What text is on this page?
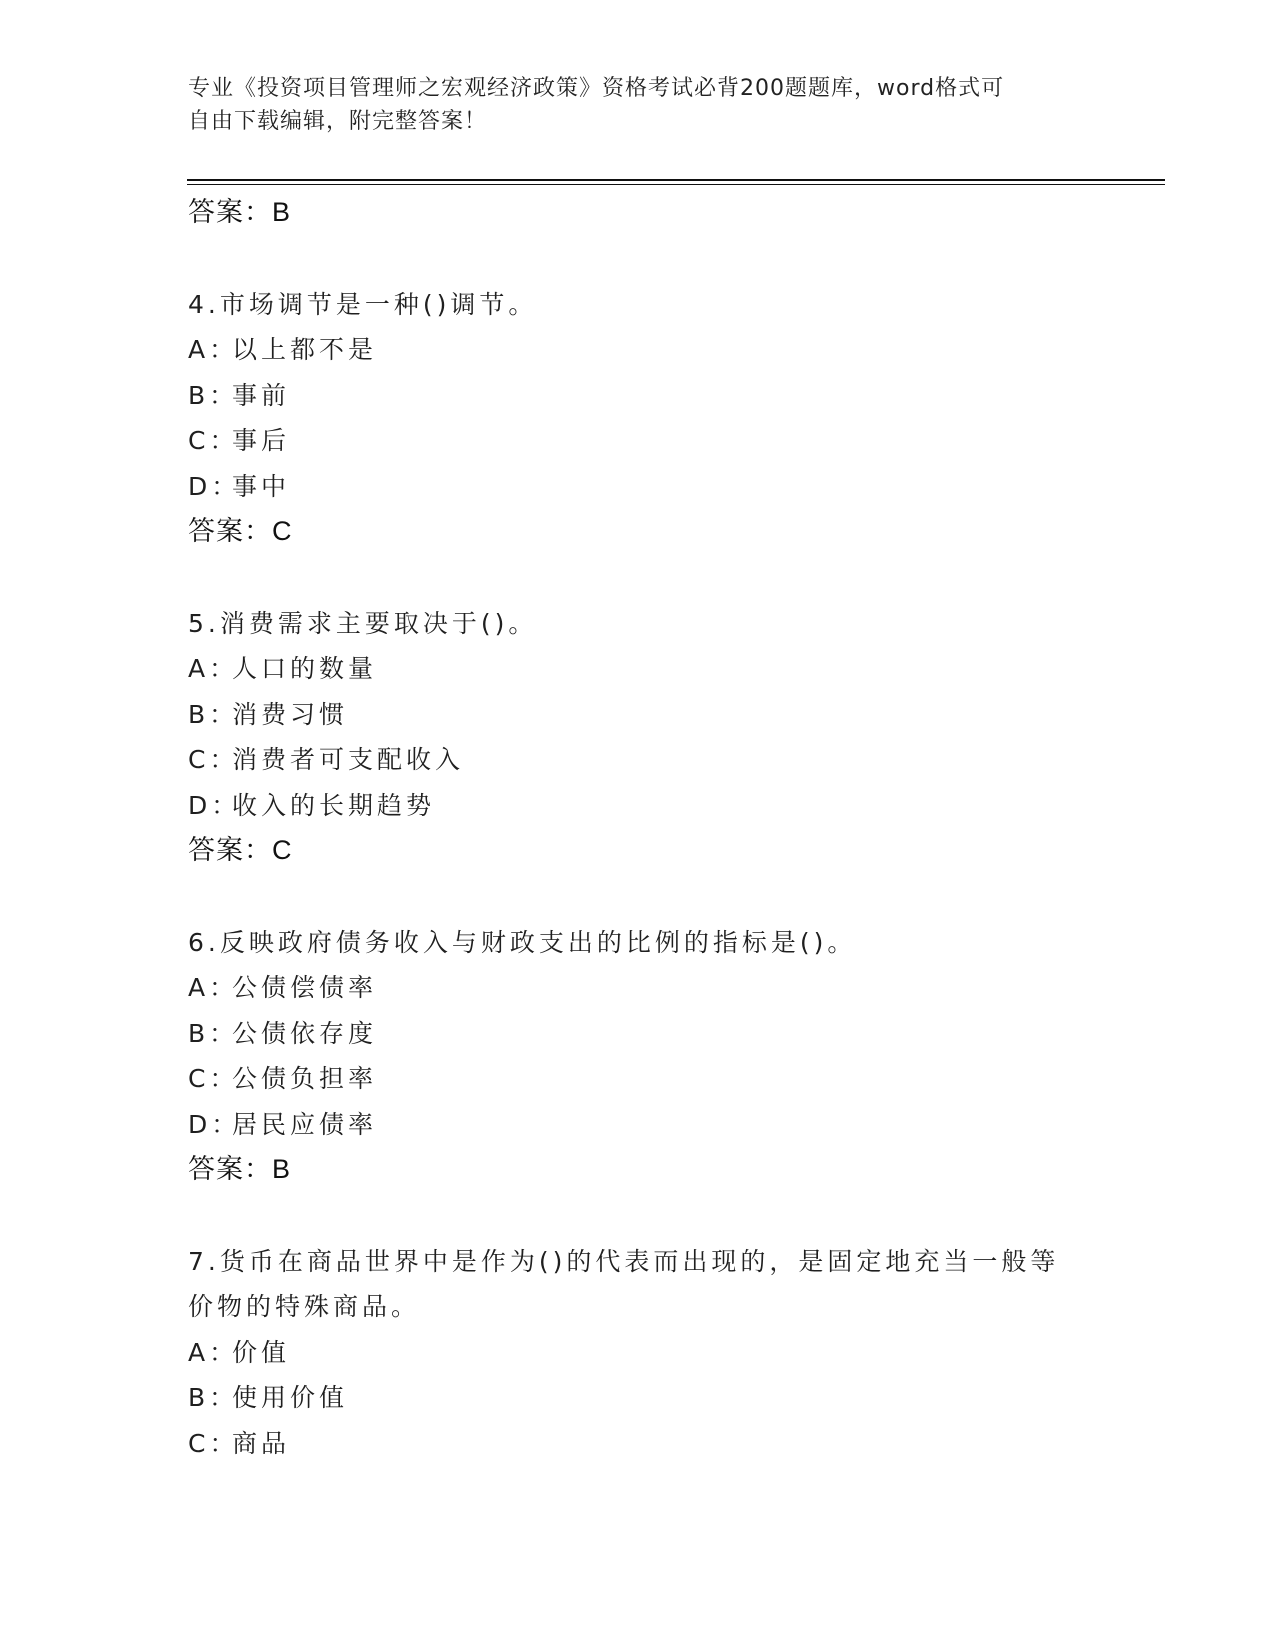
专业《投资项目管理师之宏观经济政策》资格考试必背200题题库，word格式可
自由下载编辑，附完整答案！
答案：B
4.市场调节是一种()调节。
A：以上都不是
B：事前
C：事后
D：事中
答案：C
5.消费需求主要取决于()。
A：人口的数量
B：消费习惯
C：消费者可支配收入
D：收入的长期趋势
答案：C
6.反映政府债务收入与财政支出的比例的指标是()。
A：公债偿债率
B：公债依存度
C：公债负担率
D：居民应债率
答案：B
7.货币在商品世界中是作为()的代表而出现的，是固定地充当一般等
价物的特殊商品。
A：价值
B：使用价值
C：商品
